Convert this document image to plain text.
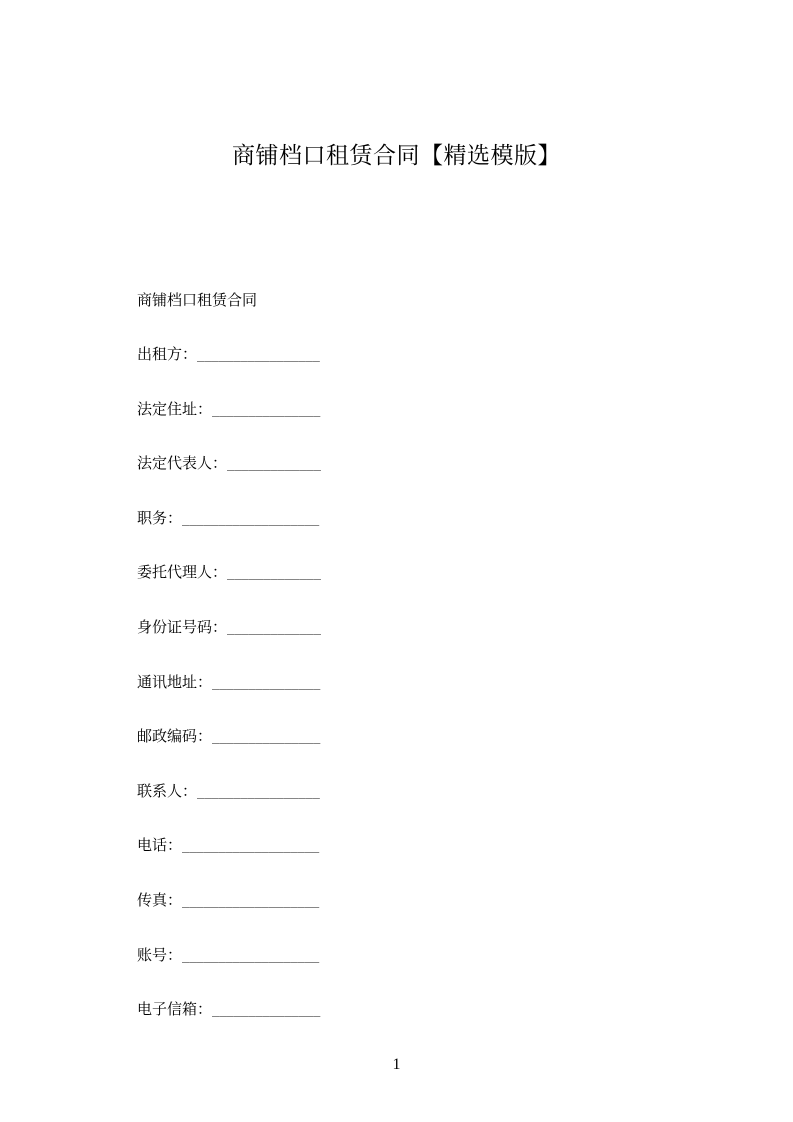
商铺档口租赁合同【精选模版】
商铺档口租赁合同
出租方： _________________
法定住址： _______________
法定代表人： _____________
职务： ___________________
委托代理人： _____________
身份证号码： _____________
通讯地址： _______________
邮政编码： _______________
联系人： _________________
电话： ___________________
传真： ___________________
账号： ___________________
电子信箱： _______________
1
